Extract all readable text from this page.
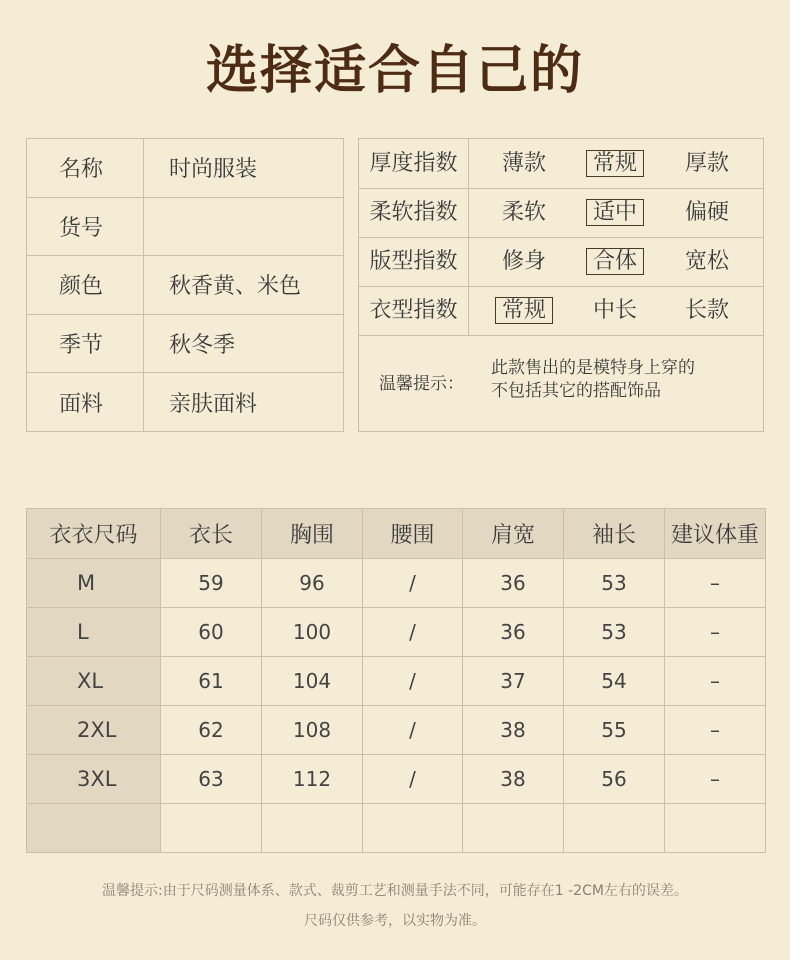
选择适合自己的
名称	时尚服装
货号	
颜色	秋香黄、米色
季节	秋冬季
面料	亲肤面料
厚度指数	薄款	常规	厚款
柔软指数	柔软	适中	偏硬
版型指数	修身	合体	宽松
衣型指数	常规	中长	长款
温馨提示：
此款售出的是模特身上穿的
不包括其它的搭配饰品
衣衣尺码	衣长	胸围	腰围	肩宽	袖长	建议体重
M	59	96	/	36	53	–
L	60	100	/	36	53	–
XL	61	104	/	37	54	–
2XL	62	108	/	38	55	–
3XL	63	112	/	38	56	–

温馨提示:由于尺码测量体系、款式、裁剪工艺和测量手法不同，可能存在1 -2CM左右的误差。
尺码仅供参考，以实物为准。
